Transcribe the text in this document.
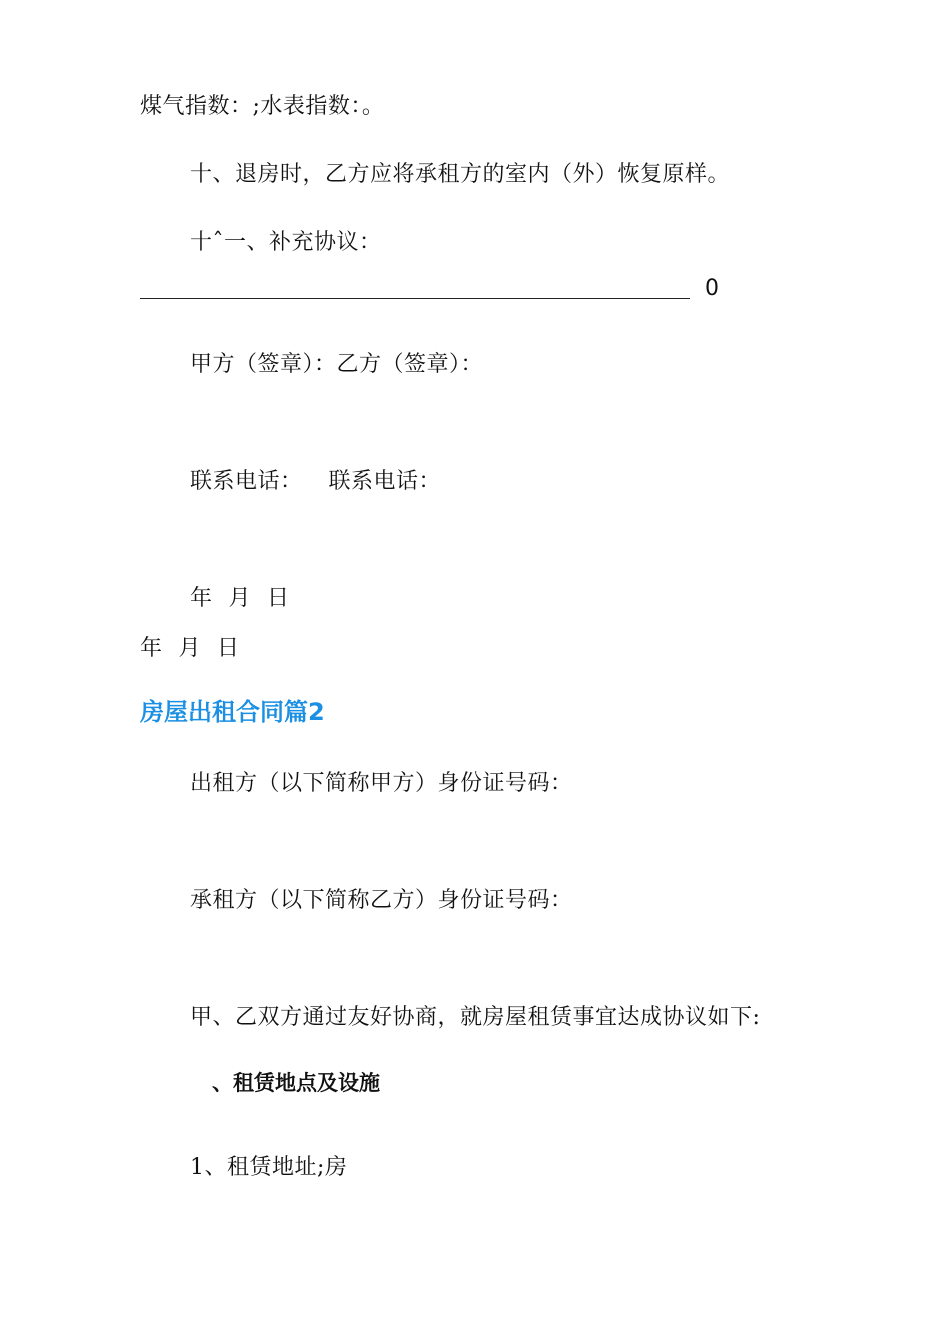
煤气指数：;水表指数：。
十、退房时，乙方应将承租方的室内（外）恢复原样。
十ˆ一、补充协议：
0
甲方（签章）：乙方（签章）：
联系电话： 联系电话：
年 月 日
年 月 日
房屋出租合同篇2
出租方（以下简称甲方）身份证号码：
承租方（以下简称乙方）身份证号码：
甲、乙双方通过友好协商，就房屋租赁事宜达成协议如下:
、租赁地点及设施
1、租赁地址;房
